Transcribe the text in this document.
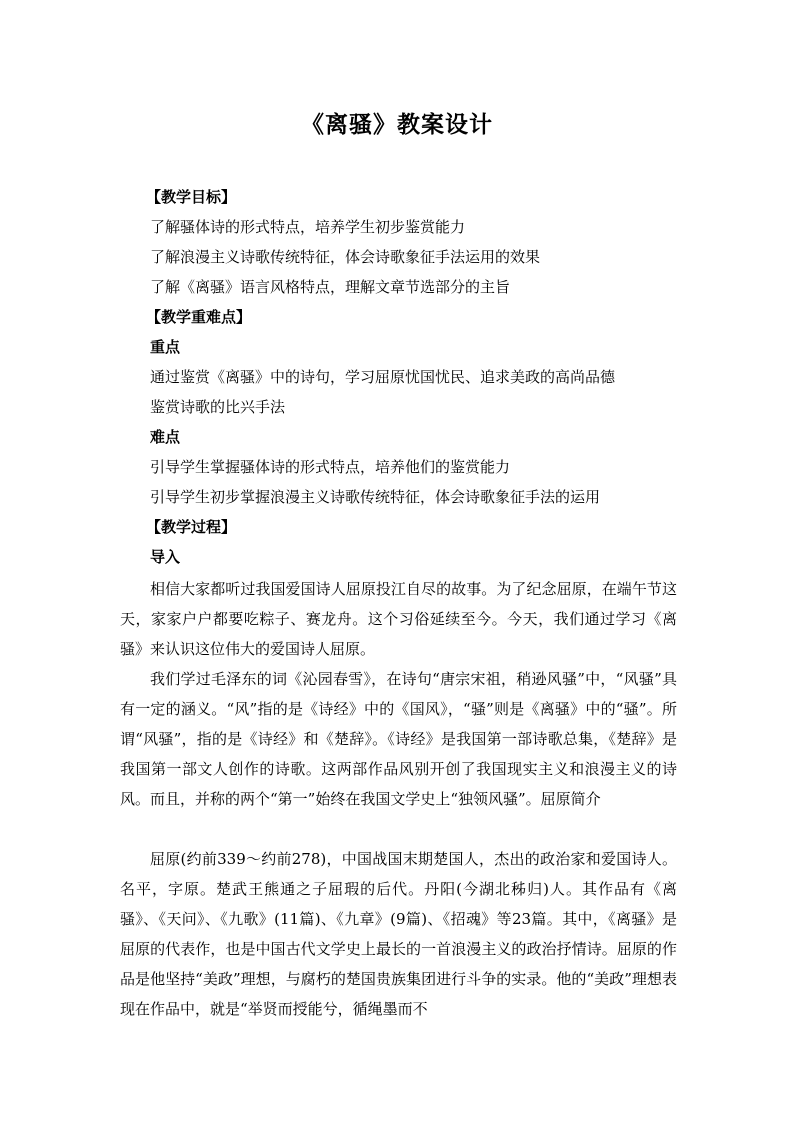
《离骚》教案设计
【教学目标】
了解骚体诗的形式特点，培养学生初步鉴赏能力
了解浪漫主义诗歌传统特征，体会诗歌象征手法运用的效果
了解《离骚》语言风格特点，理解文章节选部分的主旨
【教学重难点】
重点
通过鉴赏《离骚》中的诗句，学习屈原忧国忧民、追求美政的高尚品德
鉴赏诗歌的比兴手法
难点
引导学生掌握骚体诗的形式特点，培养他们的鉴赏能力
引导学生初步掌握浪漫主义诗歌传统特征，体会诗歌象征手法的运用
【教学过程】
导入
相信大家都听过我国爱国诗人屈原投江自尽的故事。为了纪念屈原，在端午节这天，家家户户都要吃粽子、赛龙舟。这个习俗延续至今。今天，我们通过学习《离骚》来认识这位伟大的爱国诗人屈原。
我们学过毛泽东的词《沁园春雪》，在诗句“唐宗宋祖，稍逊风骚”中，“风骚”具有一定的涵义。“风”指的是《诗经》中的《国风》，“骚”则是《离骚》中的“骚”。所谓“风骚”，指的是《诗经》和《楚辞》。《诗经》是我国第一部诗歌总集，《楚辞》是我国第一部文人创作的诗歌。这两部作品风别开创了我国现实主义和浪漫主义的诗风。而且，并称的两个“第一”始终在我国文学史上“独领风骚”。屈原简介
屈原(约前339～约前278)，中国战国末期楚国人，杰出的政治家和爱国诗人。名平，字原。楚武王熊通之子屈瑕的后代。丹阳(今湖北秭归)人。其作品有《离骚》、《天问》、《九歌》(11篇)、《九章》(9篇)、《招魂》等23篇。其中，《离骚》是屈原的代表作，也是中国古代文学史上最长的一首浪漫主义的政治抒情诗。屈原的作品是他坚持“美政”理想，与腐朽的楚国贵族集团进行斗争的实录。他的“美政”理想表现在作品中，就是“举贤而授能兮，循绳墨而不
